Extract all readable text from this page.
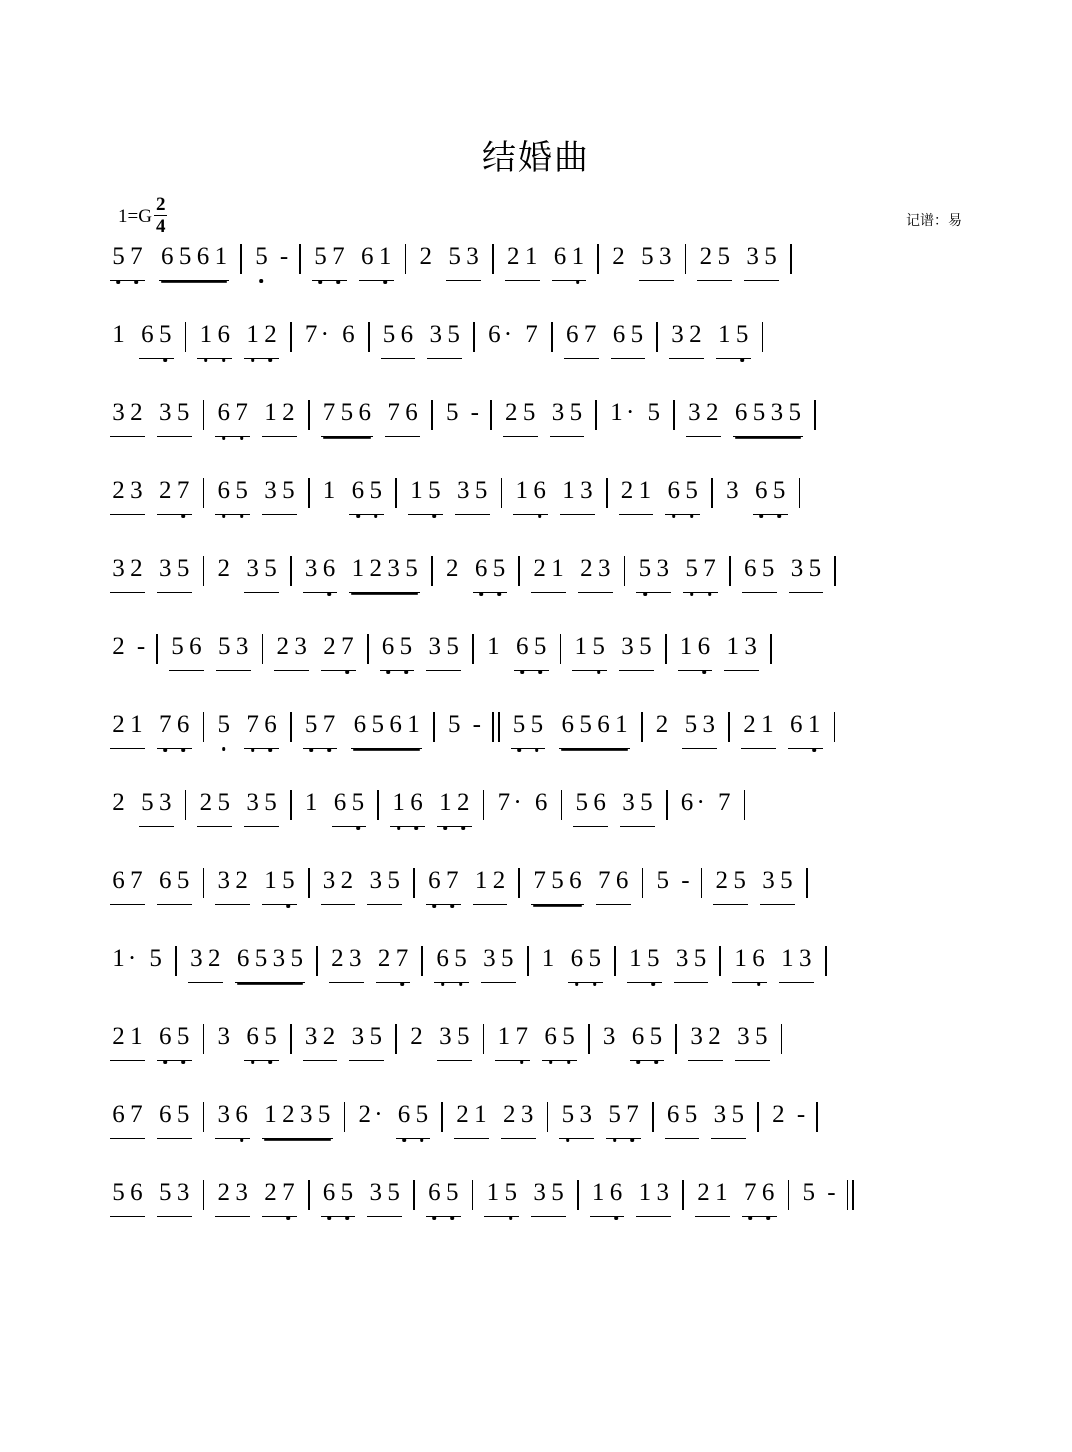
结婚曲
$1=G \frac{2}{4}$	记谱：易
5 7 6 5 6 1 5 - 5 7 6 1 2 5 3 2 1 6 1 2 5 3 2 5 3 5
1 6 5 1 6 1 2 7 · 6 5 6 3 5 6 · 7 6 7 6 5 3 2 1 5
3 2 3 5 6 7 1 2 7 5 6 7 6 5 - 2 5 3 5 1 · 5 3 2 6 5 3 5
2 3 2 7 6 5 3 5 1 6 5 1 5 3 5 1 6 1 3 2 1 6 5 3 6 5
3 2 3 5 2 3 5 3 6 1 2 3 5 2 6 5 2 1 2 3 5 3 5 7 6 5 3 5
2 - 5 6 5 3 2 3 2 7 6 5 3 5 1 6 5 1 5 3 5 1 6 1 3
2 1 7 6 5 7 6 5 7 6 5 6 1 5 - 5 5 6 5 6 1 2 5 3 2 1 6 1
2 5 3 2 5 3 5 1 6 5 1 6 1 2 7 · 6 5 6 3 5 6 · 7
6 7 6 5 3 2 1 5 3 2 3 5 6 7 1 2 7 5 6 7 6 5 - 2 5 3 5
1 · 5 3 2 6 5 3 5 2 3 2 7 6 5 3 5 1 6 5 1 5 3 5 1 6 1 3
2 1 6 5 3 6 5 3 2 3 5 2 3 5 1 7 6 5 3 6 5 3 2 3 5
6 7 6 5 3 6 1 2 3 5 2 · 6 5 2 1 2 3 5 3 5 7 6 5 3 5 2 -
5 6 5 3 2 3 2 7 6 5 3 5 6 5 1 5 3 5 1 6 1 3 2 1 7 6 5 -
